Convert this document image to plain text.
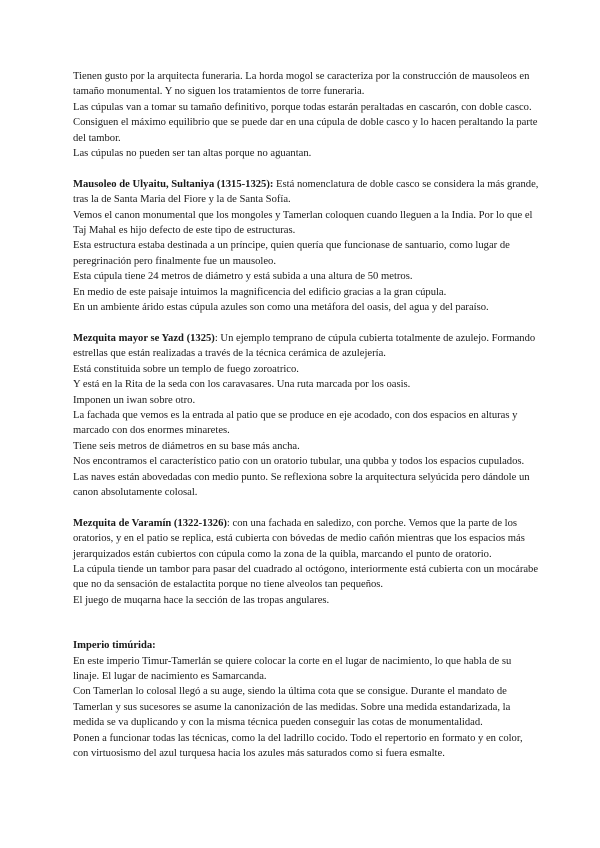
Tienen gusto por la arquitecta funeraria. La horda mogol se caracteriza por la construcción de mausoleos en tamaño monumental. Y no siguen los tratamientos de torre funeraria.

Las cúpulas van a tomar su tamaño definitivo, porque todas estarán peraltadas en cascarón, con doble casco. Consiguen el máximo equilibrio que se puede dar en una cúpula de doble casco y lo hacen peraltando la parte del tambor.

Las cúpulas no pueden ser tan altas porque no aguantan.

Mausoleo de Ulyaitu, Sultaniya (1315-1325): Está nomenclatura de doble casco se considera la más grande, tras la de Santa Maria del Fiore y la de Santa Sofía.

Vemos el canon monumental que los mongoles y Tamerlan coloquen cuando lleguen a la India. Por lo que el Taj Mahal es hijo defecto de este tipo de estructuras.

Esta estructura estaba destinada a un príncipe, quien quería que funcionase de santuario, como lugar de peregrinación pero finalmente fue un mausoleo.

Esta cúpula tiene 24 metros de diámetro y está subida a una altura de 50 metros.

En medio de este paisaje intuimos la magnificencia del edificio gracias a la gran cúpula.

En un ambiente árido estas cúpula azules son como una metáfora del oasis, del agua y del paraíso.

Mezquita mayor se Yazd (1325): Un ejemplo temprano de cúpula cubierta totalmente de azulejo. Formando estrellas que están realizadas a través de la técnica cerámica de azulejería.

Está constituida sobre un templo de fuego zoroatrico.

Y está en la Rita de la seda con los caravasares. Una ruta marcada por los oasis.

Imponen un iwan sobre otro.

La fachada que vemos es la entrada al patio que se produce en eje acodado, con dos espacios en alturas y marcado con dos enormes minaretes.

Tiene seis metros de diámetros en su base más ancha.

Nos encontramos el característico patio con un oratorio tubular, una qubba y todos los espacios cupulados. Las naves están abovedadas con medio punto. Se reflexiona sobre la arquitectura selyúcida pero dándole un canon absolutamente colosal.

Mezquita de Varamín (1322-1326): con una fachada en saledizo, con porche. Vemos que la parte de los oratorios, y en el patio se replica, está cubierta con bóvedas de medio cañón mientras que los espacios más jerarquizados están cubiertos con cúpula como la zona de la quibla, marcando el punto de oratorio.

La cúpula tiende un tambor para pasar del cuadrado al octógono, interiormente está cubierta con un mocárabe que no da sensación de estalactita porque no tiene alveolos tan pequeños.

El juego de muqarna hace la sección de las tropas angulares.

Imperio timúrida:

En este imperio Timur-Tamerlán se quiere colocar la corte en el lugar de nacimiento, lo que habla de su linaje. El lugar de nacimiento es Samarcanda.

Con Tamerlan lo colosal llegó a su auge, siendo la última cota que se consigue. Durante el mandato de Tamerlan y sus sucesores se asume la canonización de las medidas. Sobre una medida estandarizada, la medida se va duplicando y con la misma técnica pueden conseguir las cotas de monumentalidad.

Ponen a funcionar todas las técnicas, como la del ladrillo cocido. Todo el repertorio en formato y en color, con virtuosismo del azul turquesa hacia los azules más saturados como si fuera esmalte.
